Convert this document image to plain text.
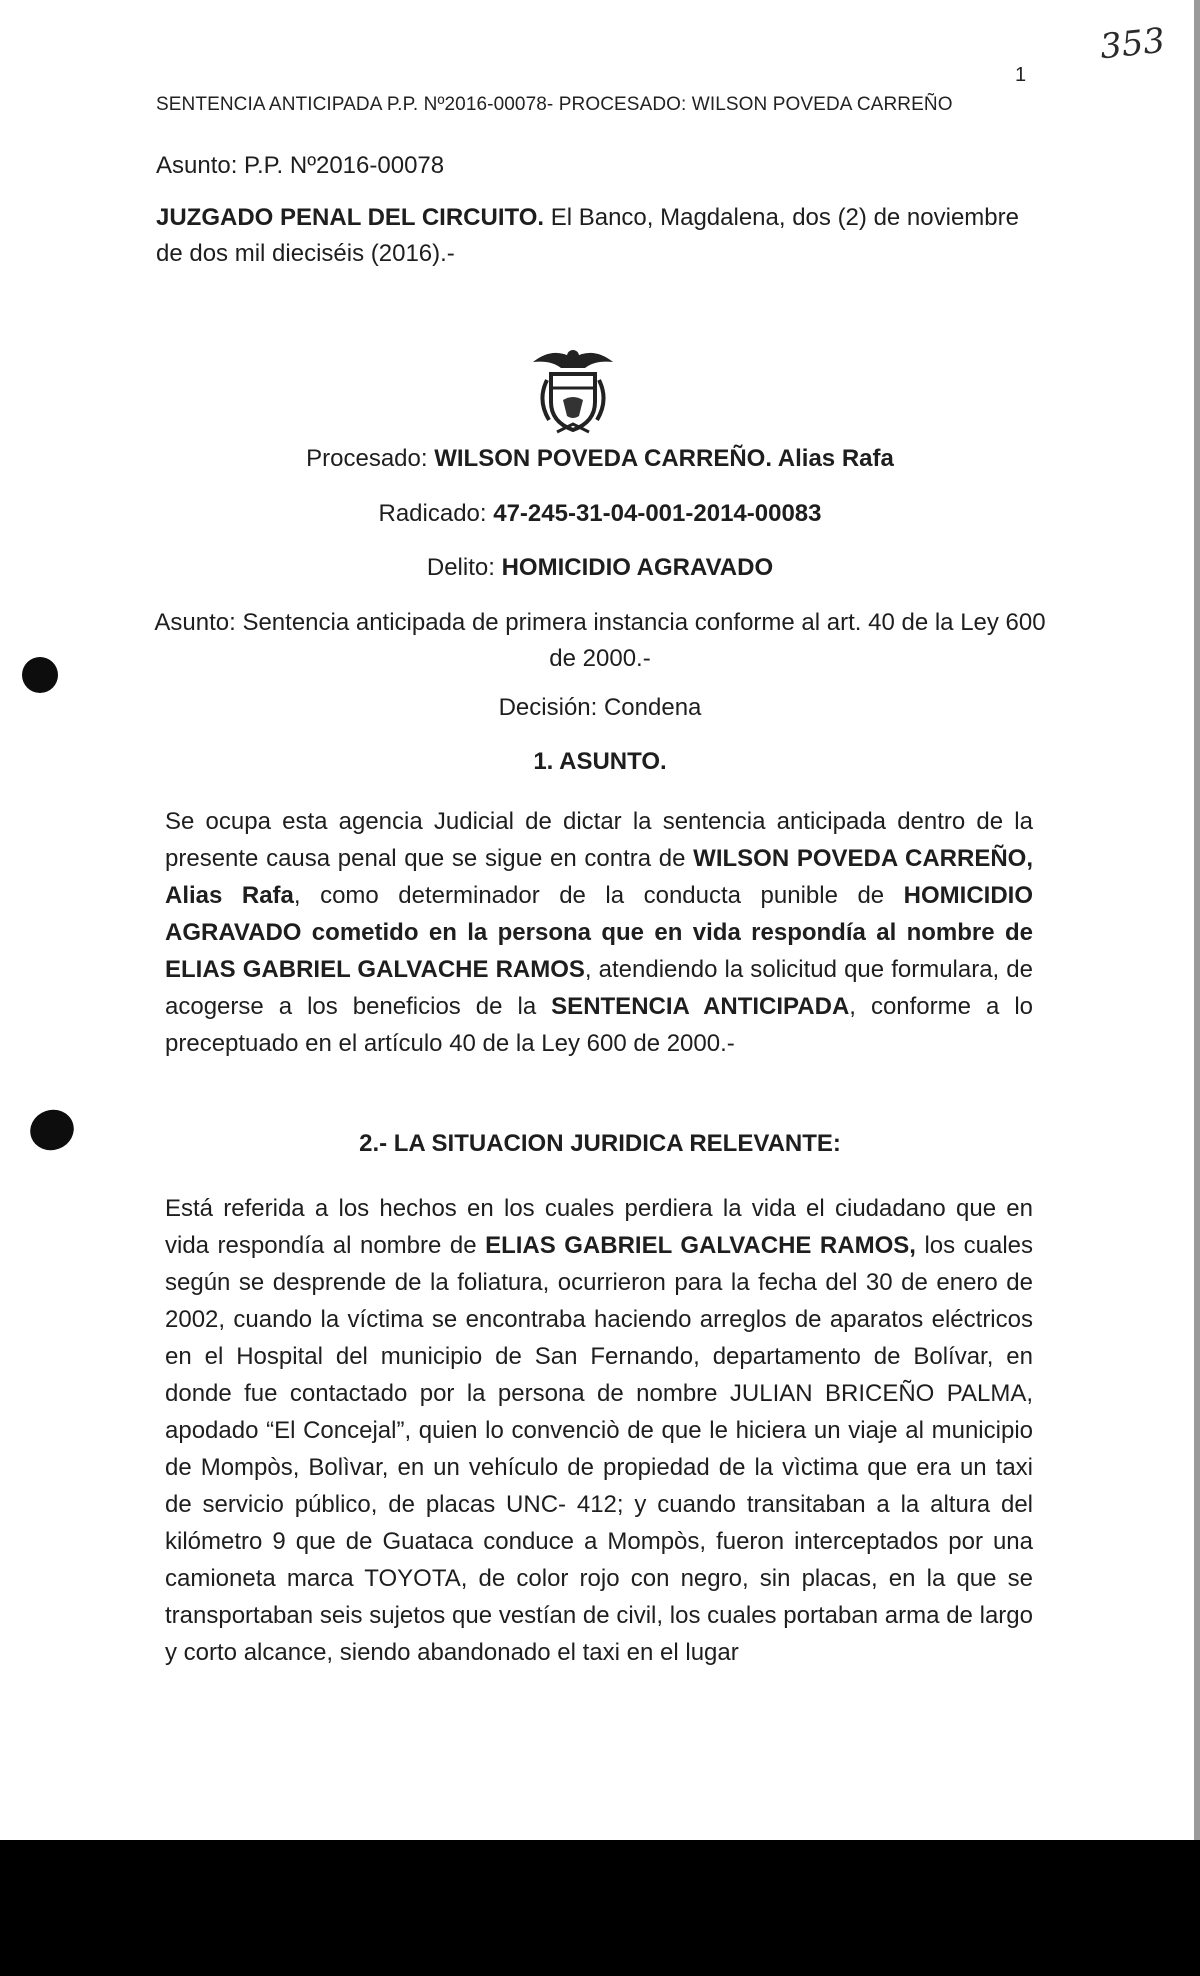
353
1
SENTENCIA ANTICIPADA P.P. Nº2016-00078- PROCESADO: WILSON POVEDA CARREÑO
Asunto: P.P. Nº2016-00078
JUZGADO PENAL DEL CIRCUITO. El Banco, Magdalena, dos (2) de noviembre de dos mil dieciséis (2016).-
Procesado: WILSON POVEDA CARREÑO. Alias Rafa
Radicado: 47-245-31-04-001-2014-00083
Delito: HOMICIDIO AGRAVADO
Asunto: Sentencia anticipada de primera instancia conforme al art. 40 de la Ley 600 de 2000.-
Decisión: Condena
1. ASUNTO.
Se ocupa esta agencia Judicial de dictar la sentencia anticipada dentro de la presente causa penal que se sigue en contra de WILSON POVEDA CARREÑO, Alias Rafa, como determinador de la conducta punible de HOMICIDIO AGRAVADO cometido en la persona que en vida respondía al nombre de ELIAS GABRIEL GALVACHE RAMOS, atendiendo la solicitud que formulara, de acogerse a los beneficios de la SENTENCIA ANTICIPADA, conforme a lo preceptuado en el artículo 40 de la Ley 600 de 2000.-
2.- LA SITUACION JURIDICA RELEVANTE:
Está referida a los hechos en los cuales perdiera la vida el ciudadano que en vida respondía al nombre de ELIAS GABRIEL GALVACHE RAMOS, los cuales según se desprende de la foliatura, ocurrieron para la fecha del 30 de enero de 2002, cuando la víctima se encontraba haciendo arreglos de aparatos eléctricos en el Hospital del municipio de San Fernando, departamento de Bolívar, en donde fue contactado por la persona de nombre JULIAN BRICEÑO PALMA, apodado “El Concejal”, quien lo convenciò de que le hiciera un viaje al municipio de Mompòs, Bolìvar, en un vehículo de propiedad de la vìctima que era un taxi de servicio público, de placas UNC- 412; y cuando transitaban a la altura del kilómetro 9 que de Guataca conduce a Mompòs, fueron interceptados por una camioneta marca TOYOTA, de color rojo con negro, sin placas, en la que se transportaban seis sujetos que vestían de civil, los cuales portaban arma de largo y corto alcance, siendo abandonado el taxi en el lugar
